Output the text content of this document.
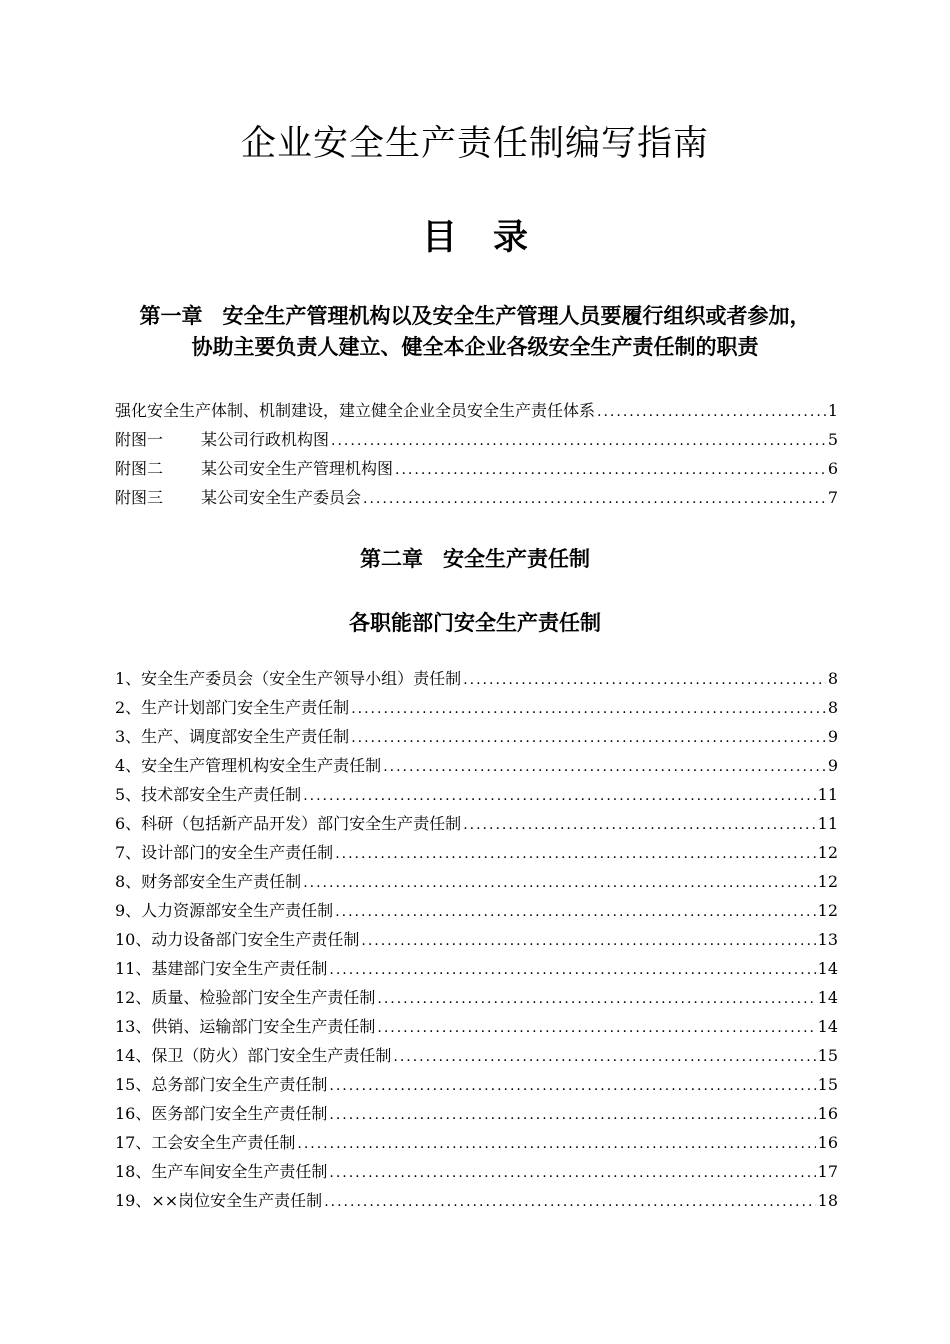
企业安全生产责任制编写指南
目 录
第一章 安全生产管理机构以及安全生产管理人员要履行组织或者参加，
协助主要负责人建立、健全本企业各级安全生产责任制的职责
强化安全生产体制、机制建设，建立健全企业全员安全生产责任体系 .....	1
附图一 某公司行政机构图 .....	5
附图二 某公司安全生产管理机构图 .....	6
附图三 某公司安全生产委员会 .....	7
第二章 安全生产责任制
各职能部门安全生产责任制
1、安全生产委员会（安全生产领导小组）责任制 .....	8
2、生产计划部门安全生产责任制 .....	8
3、生产、调度部安全生产责任制 .....	9
4、安全生产管理机构安全生产责任制 .....	9
5、技术部安全生产责任制 .....	11
6、科研（包括新产品开发）部门安全生产责任制 .....	11
7、设计部门的安全生产责任制 .....	12
8、财务部安全生产责任制 .....	12
9、人力资源部安全生产责任制 .....	12
10、动力设备部门安全生产责任制 .....	13
11、基建部门安全生产责任制 .....	14
12、质量、检验部门安全生产责任制 .....	14
13、供销、运输部门安全生产责任制 .....	14
14、保卫（防火）部门安全生产责任制 .....	15
15、总务部门安全生产责任制 .....	15
16、医务部门安全生产责任制 .....	16
17、工会安全生产责任制 .....	16
18、生产车间安全生产责任制 .....	17
19、××岗位安全生产责任制 .....	18
